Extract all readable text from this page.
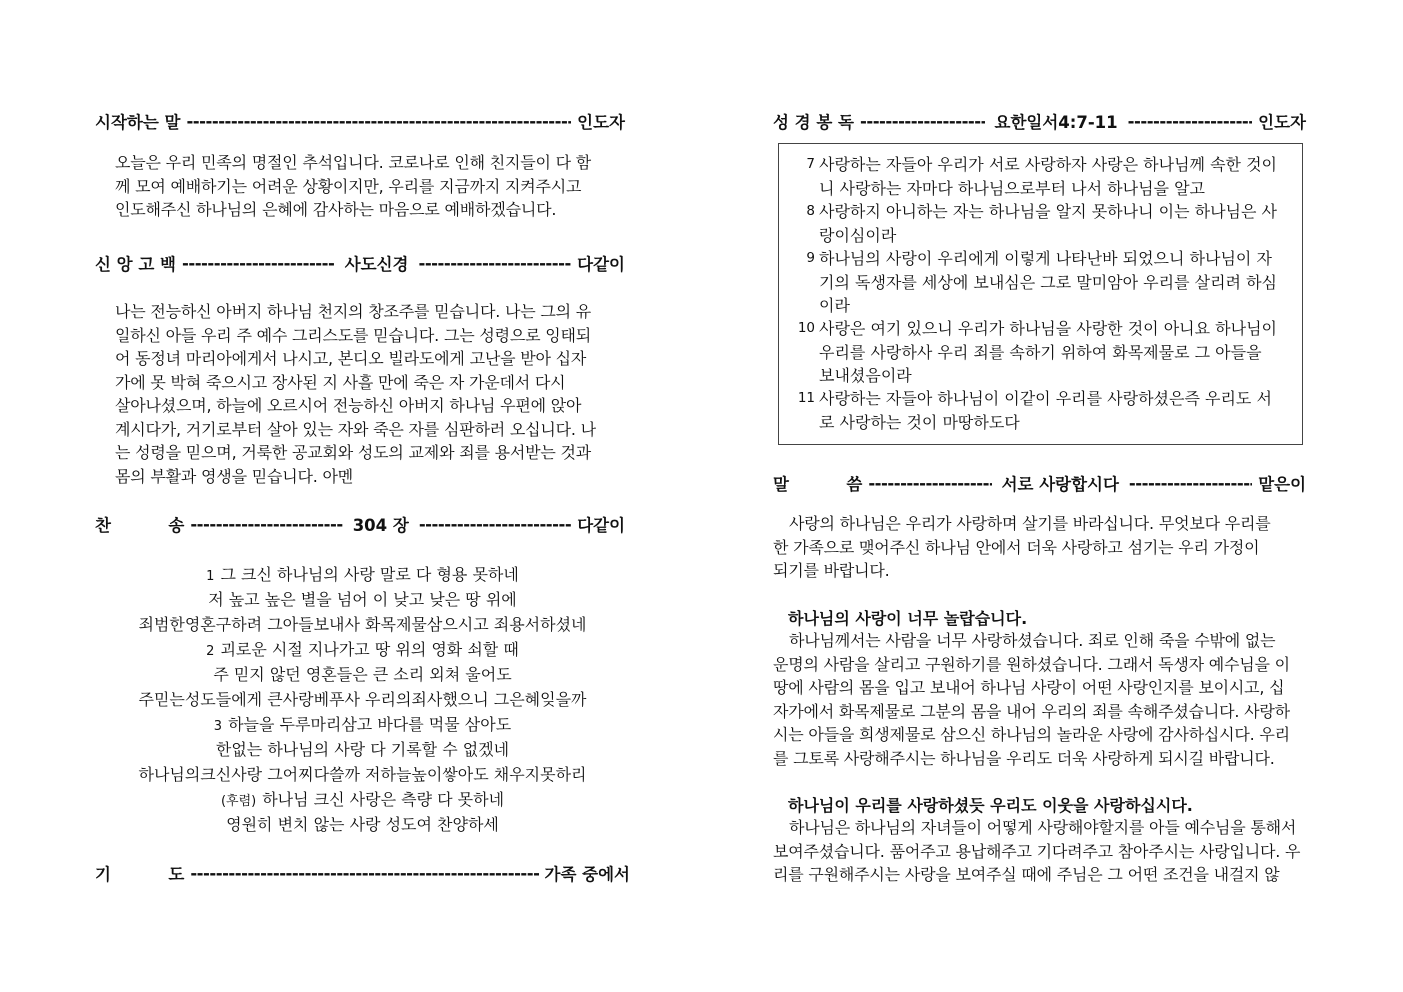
시작하는 말 -----	인도자
오늘은 우리 민족의 명절인 추석입니다. 코로나로 인해 친지들이 다 함
께 모여 예배하기는 어려운 상황이지만, 우리를 지금까지 지켜주시고
인도해주신 하나님의 은혜에 감사하는 마음으로 예배하겠습니다.
신 앙 고 백 -----	사도신경 -----	다같이
나는 전능하신 아버지 하나님 천지의 창조주를 믿습니다. 나는 그의 유
일하신 아들 우리 주 예수 그리스도를 믿습니다. 그는 성령으로 잉태되
어 동정녀 마리아에게서 나시고, 본디오 빌라도에게 고난을 받아 십자
가에 못 박혀 죽으시고 장사된 지 사흘 만에 죽은 자 가운데서 다시
살아나셨으며, 하늘에 오르시어 전능하신 아버지 하나님 우편에 앉아
계시다가, 거기로부터 살아 있는 자와 죽은 자를 심판하러 오십니다. 나
는 성령을 믿으며, 거룩한 공교회와 성도의 교제와 죄를 용서받는 것과
몸의 부활과 영생을 믿습니다. 아멘
찬          송 -----	304 장 -----	다같이
1 그 크신 하나님의 사랑 말로 다 형용 못하네
저 높고 높은 별을 넘어 이 낮고 낮은 땅 위에
죄범한영혼구하려 그아들보내사 화목제물삼으시고 죄용서하셨네
2 괴로운 시절 지나가고 땅 위의 영화 쇠할 때
주 믿지 않던 영혼들은 큰 소리 외쳐 울어도
주믿는성도들에게 큰사랑베푸사 우리의죄사했으니 그은혜잊을까
3 하늘을 두루마리삼고 바다를 먹물 삼아도
한없는 하나님의 사랑 다 기록할 수 없겠네
하나님의크신사랑 그어찌다쓸까 저하늘높이쌓아도 채우지못하리
(후렴) 하나님 크신 사랑은 측량 다 못하네
영원히 변치 않는 사랑 성도여 찬양하세
기          도 -----	가족 중에서
성 경 봉 독 -----	요한일서4:7-11 -----	인도자
7 사랑하는 자들아 우리가 서로 사랑하자 사랑은 하나님께 속한 것이
니 사랑하는 자마다 하나님으로부터 나서 하나님을 알고
8 사랑하지 아니하는 자는 하나님을 알지 못하나니 이는 하나님은 사
랑이심이라
9 하나님의 사랑이 우리에게 이렇게 나타난바 되었으니 하나님이 자
기의 독생자를 세상에 보내심은 그로 말미암아 우리를 살리려 하심
이라
10 사랑은 여기 있으니 우리가 하나님을 사랑한 것이 아니요 하나님이
우리를 사랑하사 우리 죄를 속하기 위하여 화목제물로 그 아들을
보내셨음이라
11 사랑하는 자들아 하나님이 이같이 우리를 사랑하셨은즉 우리도 서
로 사랑하는 것이 마땅하도다
말          씀 -----	서로 사랑합시다 -----	맡은이
사랑의 하나님은 우리가 사랑하며 살기를 바라십니다. 무엇보다 우리를
한 가족으로 맺어주신 하나님 안에서 더욱 사랑하고 섬기는 우리 가정이
되기를 바랍니다.
하나님의 사랑이 너무 놀랍습니다.
하나님께서는 사람을 너무 사랑하셨습니다. 죄로 인해 죽을 수밖에 없는
운명의 사람을 살리고 구원하기를 원하셨습니다. 그래서 독생자 예수님을 이
땅에 사람의 몸을 입고 보내어 하나님 사랑이 어떤 사랑인지를 보이시고, 십
자가에서 화목제물로 그분의 몸을 내어 우리의 죄를 속해주셨습니다. 사랑하
시는 아들을 희생제물로 삼으신 하나님의 놀라운 사랑에 감사하십시다. 우리
를 그토록 사랑해주시는 하나님을 우리도 더욱 사랑하게 되시길 바랍니다.
하나님이 우리를 사랑하셨듯 우리도 이웃을 사랑하십시다.
하나님은 하나님의 자녀들이 어떻게 사랑해야할지를 아들 예수님을 통해서
보여주셨습니다. 품어주고 용납해주고 기다려주고 참아주시는 사랑입니다. 우
리를 구원해주시는 사랑을 보여주실 때에 주님은 그 어떤 조건을 내걸지 않
